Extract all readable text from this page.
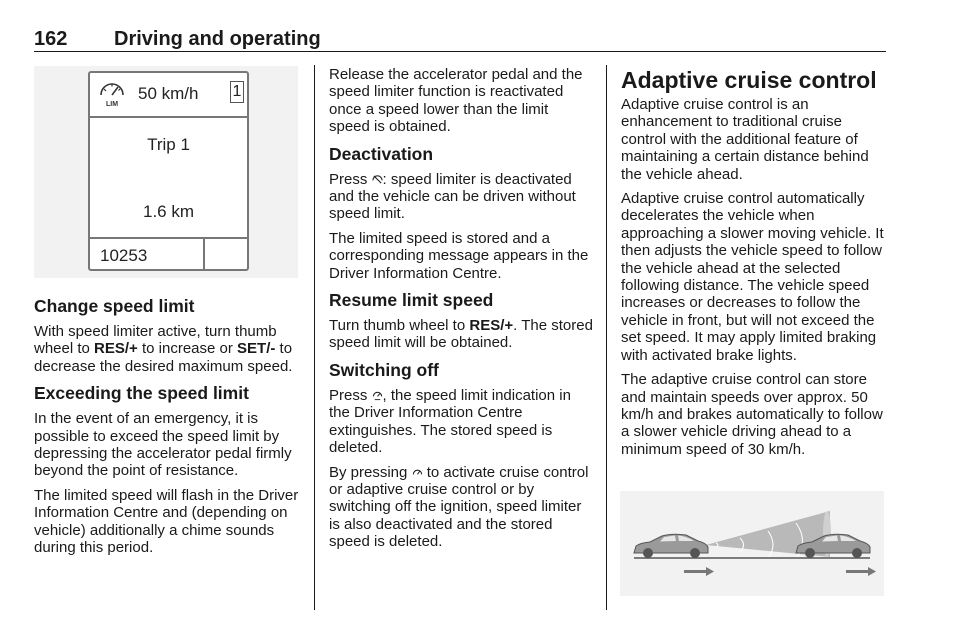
162 Driving and operating
LIM
50 km/h 1
Trip 1
1.6 km
10253
Change speed limit

With speed limiter active, turn thumb wheel to RES/+ to increase or SET/- to decrease the desired maximum speed.

Exceeding the speed limit

In the event of an emergency, it is possible to exceed the speed limit by depressing the accelerator pedal firmly beyond the point of resistance.

The limited speed will flash in the Driver Information Centre and (depending on vehicle) additionally a chime sounds during this period.

Release the accelerator pedal and the speed limiter function is reactivated once a speed lower than the limit speed is obtained.

Deactivation

Press : speed limiter is deactivated and the vehicle can be driven without speed limit.

The limited speed is stored and a corresponding message appears in the Driver Information Centre.

Resume limit speed

Turn thumb wheel to RES/+. The stored speed limit will be obtained.

Switching off

Press , the speed limit indication in the Driver Information Centre extinguishes. The stored speed is deleted.

By pressing  to activate cruise control or adaptive cruise control or by switching off the ignition, speed limiter is also deactivated and the stored speed is deleted.

Adaptive cruise control

Adaptive cruise control is an enhancement to traditional cruise control with the additional feature of maintaining a certain distance behind the vehicle ahead.

Adaptive cruise control automatically decelerates the vehicle when approaching a slower moving vehicle. It then adjusts the vehicle speed to follow the vehicle ahead at the selected following distance. The vehicle speed increases or decreases to follow the vehicle in front, but will not exceed the set speed. It may apply limited braking with activated brake lights.

The adaptive cruise control can store and maintain speeds over approx. 50 km/h and brakes automatically to follow a slower vehicle driving ahead to a minimum speed of 30 km/h.
